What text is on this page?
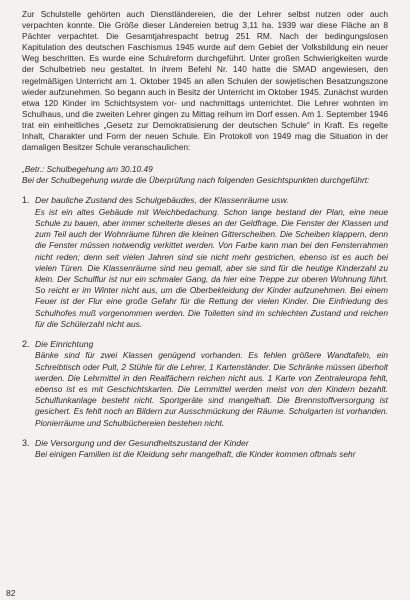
Zur Schulstelle gehörten auch Dienstländereien, die der Lehrer selbst nutzen oder auch verpachten konnte. Die Größe dieser Ländereien betrug 3,11 ha. 1939 war diese Fläche an 8 Pächter verpachtet. Die Gesamtjahrespacht betrug 251 RM. Nach der bedingungslosen Kapitulation des deutschen Faschismus 1945 wurde auf dem Gebiet der Volksbildung ein neuer Weg beschritten. Es wurde eine Schulreform durchgeführt. Unter großen Schwierigkeiten wurde der Schulbetrieb neu gestaltet. In ihrem Befehl Nr. 140 hatte die SMAD angewiesen, den regelmäßigen Unterricht am 1. Oktober 1945 an allen Schulen der sowjetischen Besatzungszone wieder aufzunehmen. So begann auch in Besitz der Unterricht im Oktober 1945. Zunächst wurden etwa 120 Kinder im Schichtsystem vor- und nachmittags unterrichtet. Die Lehrer wohnten im Schulhaus, und die zweiten Lehrer gingen zu Mittag reihum im Dorf essen. Am 1. September 1946 trat ein einheitliches „Gesetz zur Demokratisierung der deutschen Schule“ in Kraft. Es regelte Inhalt, Charakter und Form der neuen Schule. Ein Protokoll von 1949 mag die Situation in der damaligen Besitzer Schule veranschaulichen:

„Betr.: Schulbegehung am 30.10.49

Bei der Schulbegehung wurde die Überprüfung nach folgenden Gesichtspunkten durchgeführt:

1. Der bauliche Zustand des Schulgebäudes, der Klassenräume usw.

Es ist ein altes Gebäude mit Weichbedachung. Schon lange bestand der Plan, eine neue Schule zu bauen, aber immer scheiterte dieses an der Geldfrage. Die Fenster der Klassen und zum Teil auch der Wohnräume führen die kleinen Gitterscheiben. Die Scheiben klappern, denn die Fenster müssen notwendig verkittet werden. Von Farbe kann man bei den Fensterrahmen nicht reden; denn seit vielen Jahren sind sie nicht mehr gestrichen, ebenso ist es auch bei vielen Türen. Die Klassenräume sind neu gemalt, aber sie sind für die heutige Kinderzahl zu klein. Der Schulflur ist nur ein schmaler Gang, da hier eine Treppe zur oberen Wohnung führt. So reicht er im Winter nicht aus, um die Oberbekleidung der Kinder aufzunehmen. Bei einem Feuer ist der Flur eine große Gefahr für die Rettung der vielen Kinder. Die Einfriedung des Schulhofes muß vorgenommen werden. Die Toiletten sind im schlechten Zustand und reichen für die Schülerzahl nicht aus.

2. Die Einrichtung

Bänke sind für zwei Klassen genügend vorhanden. Es fehlen größere Wandtafeln, ein Schreibtisch oder Pult, 2 Stühle für die Lehrer, 1 Kartenständer. Die Schränke müssen überholt werden. Die Lehrmittel in den Realfächern reichen nicht aus. 1 Karte von Zentraleuropa fehlt, ebenso ist es mit Geschichtskarten. Die Lernmittel werden meist von den Kindern bezahlt. Schulfunkanlage besteht nicht. Sportgeräte sind mangelhaft. Die Brennstoffversorgung ist gesichert. Es fehlt noch an Bildern zur Ausschmückung der Räume. Schulgarten ist vorhanden. Pionierräume und Schulbüchereien bestehen nicht.

3. Die Versorgung und der Gesundheitszustand der Kinder

Bei einigen Familien ist die Kleidung sehr mangelhaft, die Kinder kommen oftmals sehr

82
